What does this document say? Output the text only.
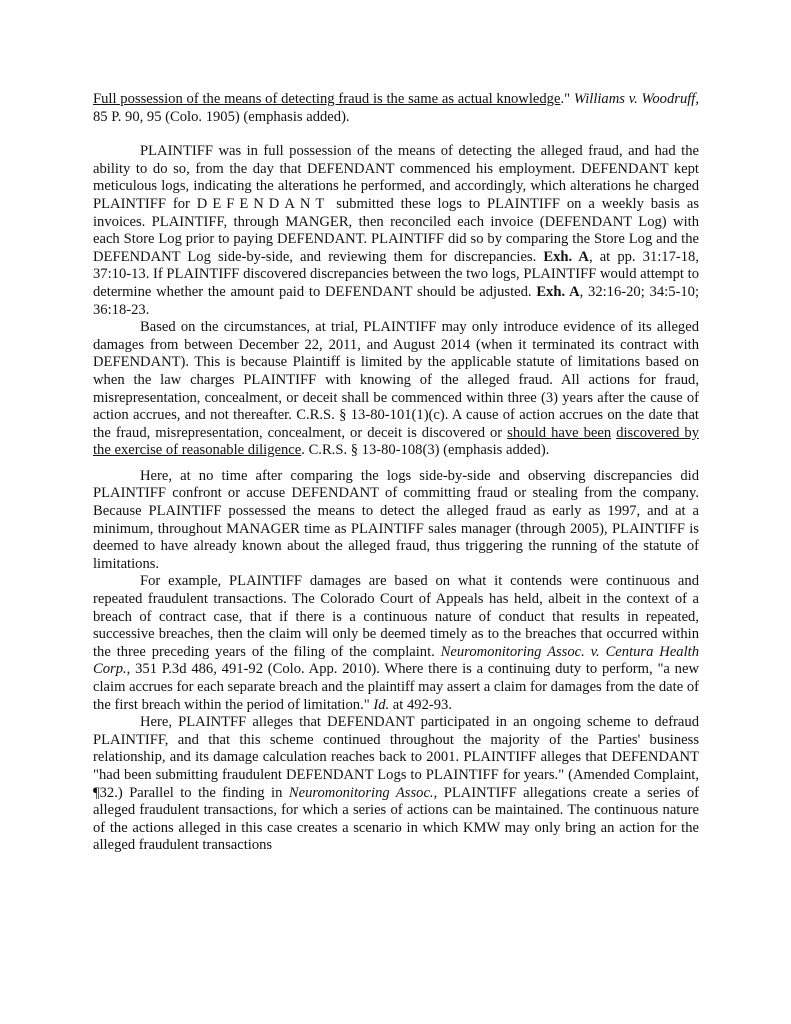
Full possession of the means of detecting fraud is the same as actual knowledge." Williams v. Woodruff, 85 P. 90, 95 (Colo. 1905) (emphasis added).

PLAINTIFF was in full possession of the means of detecting the alleged fraud, and had the ability to do so, from the day that DEFENDANT commenced his employment. DEFENDANT kept meticulous logs, indicating the alterations he performed, and accordingly, which alterations he charged PLAINTIFF for DEFENDANT submitted these logs to PLAINTIFF on a weekly basis as invoices. PLAINTIFF, through MANGER, then reconciled each invoice (DEFENDANT Log) with each Store Log prior to paying DEFENDANT. PLAINTIFF did so by comparing the Store Log and the DEFENDANT Log side-by-side, and reviewing them for discrepancies. Exh. A, at pp. 31:17-18, 37:10-13. If PLAINTIFF discovered discrepancies between the two logs, PLAINTIFF would attempt to determine whether the amount paid to DEFENDANT should be adjusted. Exh. A, 32:16-20; 34:5-10; 36:18-23.

Based on the circumstances, at trial, PLAINTIFF may only introduce evidence of its alleged damages from between December 22, 2011, and August 2014 (when it terminated its contract with DEFENDANT). This is because Plaintiff is limited by the applicable statute of limitations based on when the law charges PLAINTIFF with knowing of the alleged fraud. All actions for fraud, misrepresentation, concealment, or deceit shall be commenced within three (3) years after the cause of action accrues, and not thereafter. C.R.S. § 13-80-101(1)(c). A cause of action accrues on the date that the fraud, misrepresentation, concealment, or deceit is discovered or should have been discovered by the exercise of reasonable diligence. C.R.S. § 13-80-108(3) (emphasis added).

Here, at no time after comparing the logs side-by-side and observing discrepancies did PLAINTIFF confront or accuse DEFENDANT of committing fraud or stealing from the company. Because PLAINTIFF possessed the means to detect the alleged fraud as early as 1997, and at a minimum, throughout MANAGER time as PLAINTIFF sales manager (through 2005), PLAINTIFF is deemed to have already known about the alleged fraud, thus triggering the running of the statute of limitations.

For example, PLAINTIFF damages are based on what it contends were continuous and repeated fraudulent transactions. The Colorado Court of Appeals has held, albeit in the context of a breach of contract case, that if there is a continuous nature of conduct that results in repeated, successive breaches, then the claim will only be deemed timely as to the breaches that occurred within the three preceding years of the filing of the complaint. Neuromonitoring Assoc. v. Centura Health Corp., 351 P.3d 486, 491-92 (Colo. App. 2010). Where there is a continuing duty to perform, "a new claim accrues for each separate breach and the plaintiff may assert a claim for damages from the date of the first breach within the period of limitation." Id. at 492-93.

Here, PLAINTFF alleges that DEFENDANT participated in an ongoing scheme to defraud PLAINTIFF, and that this scheme continued throughout the majority of the Parties' business relationship, and its damage calculation reaches back to 2001. PLAINTIFF alleges that DEFENDANT "had been submitting fraudulent DEFENDANT Logs to PLAINTIFF for years." (Amended Complaint, ¶32.) Parallel to the finding in Neuromonitoring Assoc., PLAINTIFF allegations create a series of alleged fraudulent transactions, for which a series of actions can be maintained. The continuous nature of the actions alleged in this case creates a scenario in which KMW may only bring an action for the alleged fraudulent transactions
